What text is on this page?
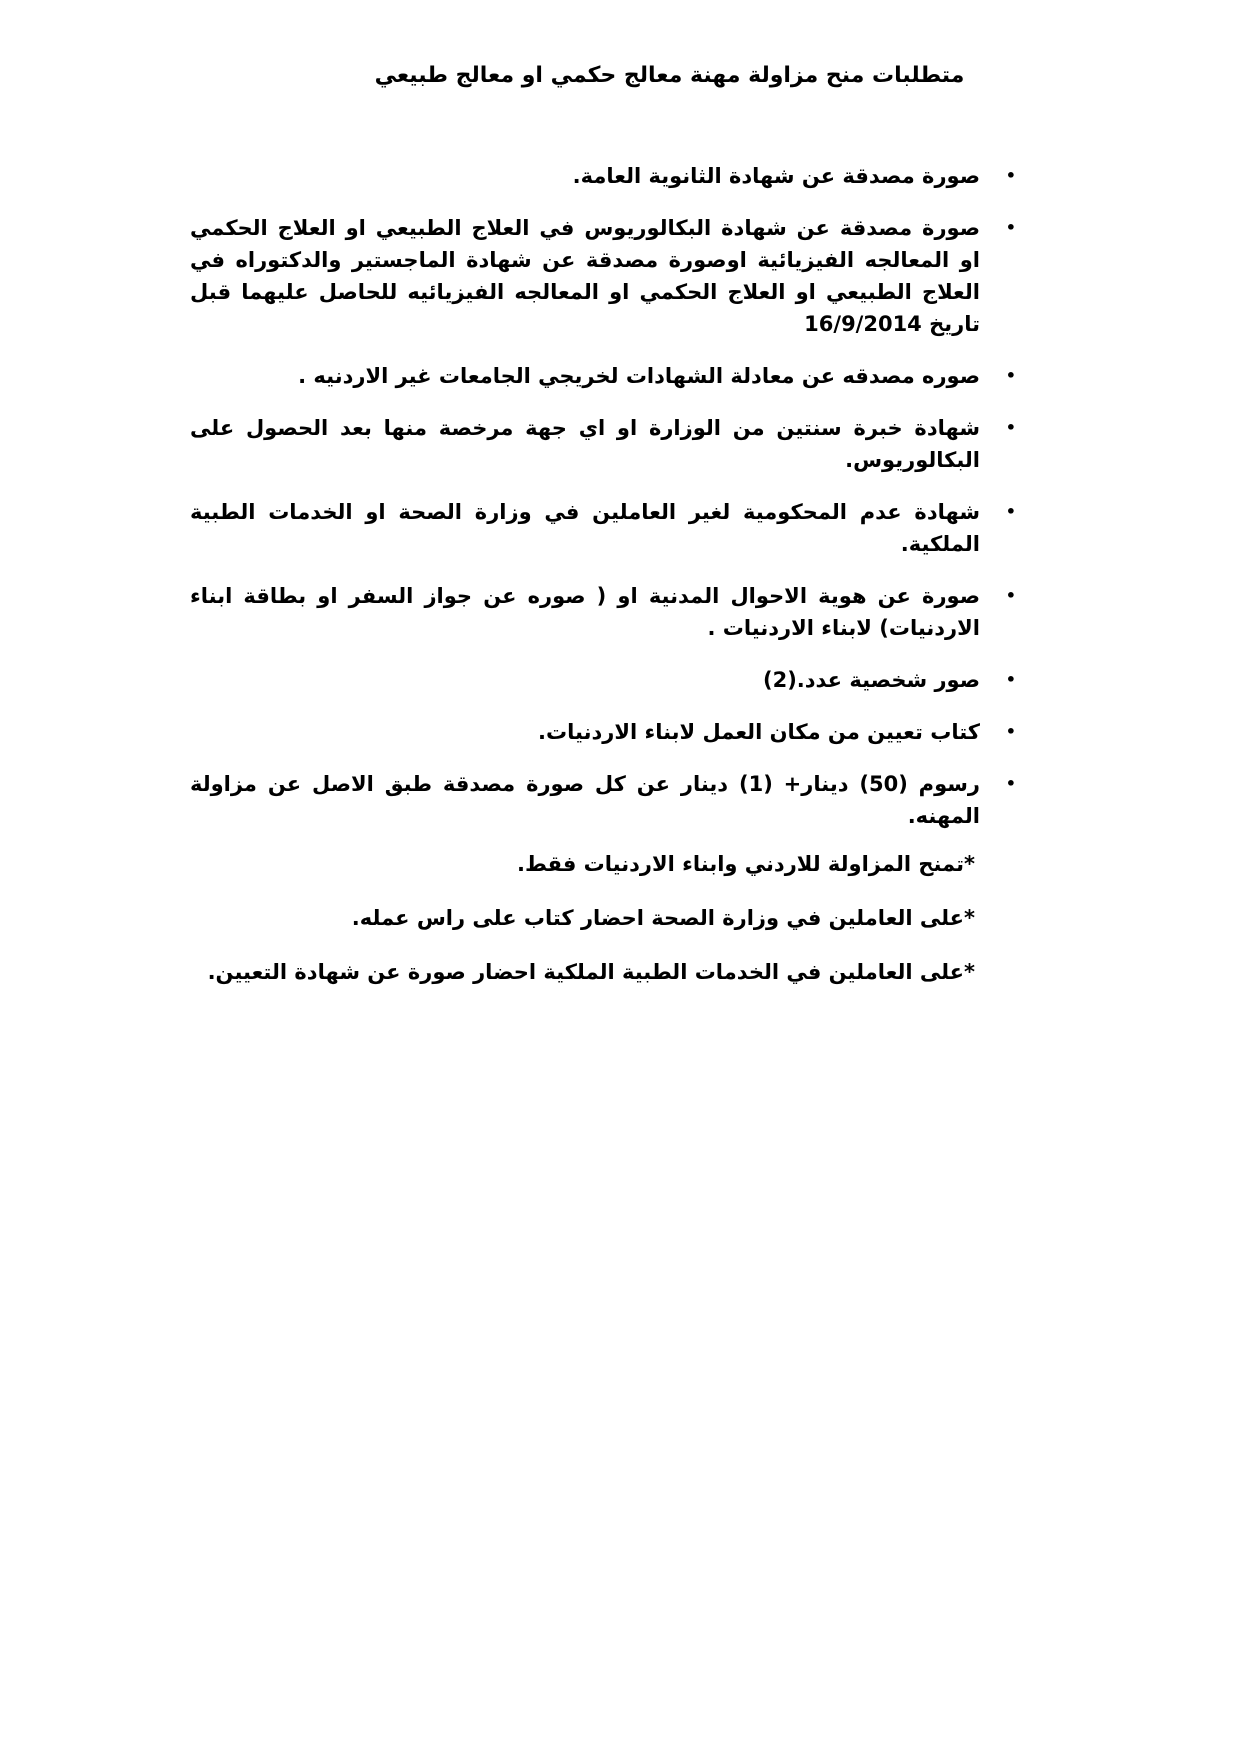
متطلبات منح مزاولة مهنة معالج حكمي او معالج طبيعي
•
صورة مصدقة عن شهادة الثانوية العامة.
•
صورة مصدقة عن شهادة البكالوريوس في العلاج الطبيعي او العلاج الحكمي او المعالجه الفيزيائية اوصورة مصدقة عن شهادة الماجستير والدكتوراه في العلاج الطبيعي او العلاج الحكمي او المعالجه الفيزيائيه للحاصل عليهما قبل تاريخ 16/9/2014
•
صوره مصدقه عن معادلة الشهادات لخريجي الجامعات غير الاردنيه .
•
شهادة خبرة سنتين من الوزارة او اي جهة مرخصة منها بعد الحصول على البكالوريوس.
•
شهادة عدم المحكومية لغير العاملين في وزارة الصحة او الخدمات الطبية الملكية.
•
صورة عن هوية الاحوال المدنية او ( صوره عن جواز السفر او بطاقة ابناء الاردنيات) لابناء الاردنيات .
•
صور شخصية عدد.(2)
•
كتاب تعيين من مكان العمل لابناء الاردنيات.
•
رسوم (50) دينار+ (1) دينار عن كل صورة مصدقة طبق الاصل عن مزاولة المهنه.

*تمنح المزاولة للاردني وابناء الاردنيات فقط.

*على العاملين في وزارة الصحة احضار كتاب على راس عمله.

*على العاملين في الخدمات الطبية الملكية احضار صورة عن شهادة التعيين.
